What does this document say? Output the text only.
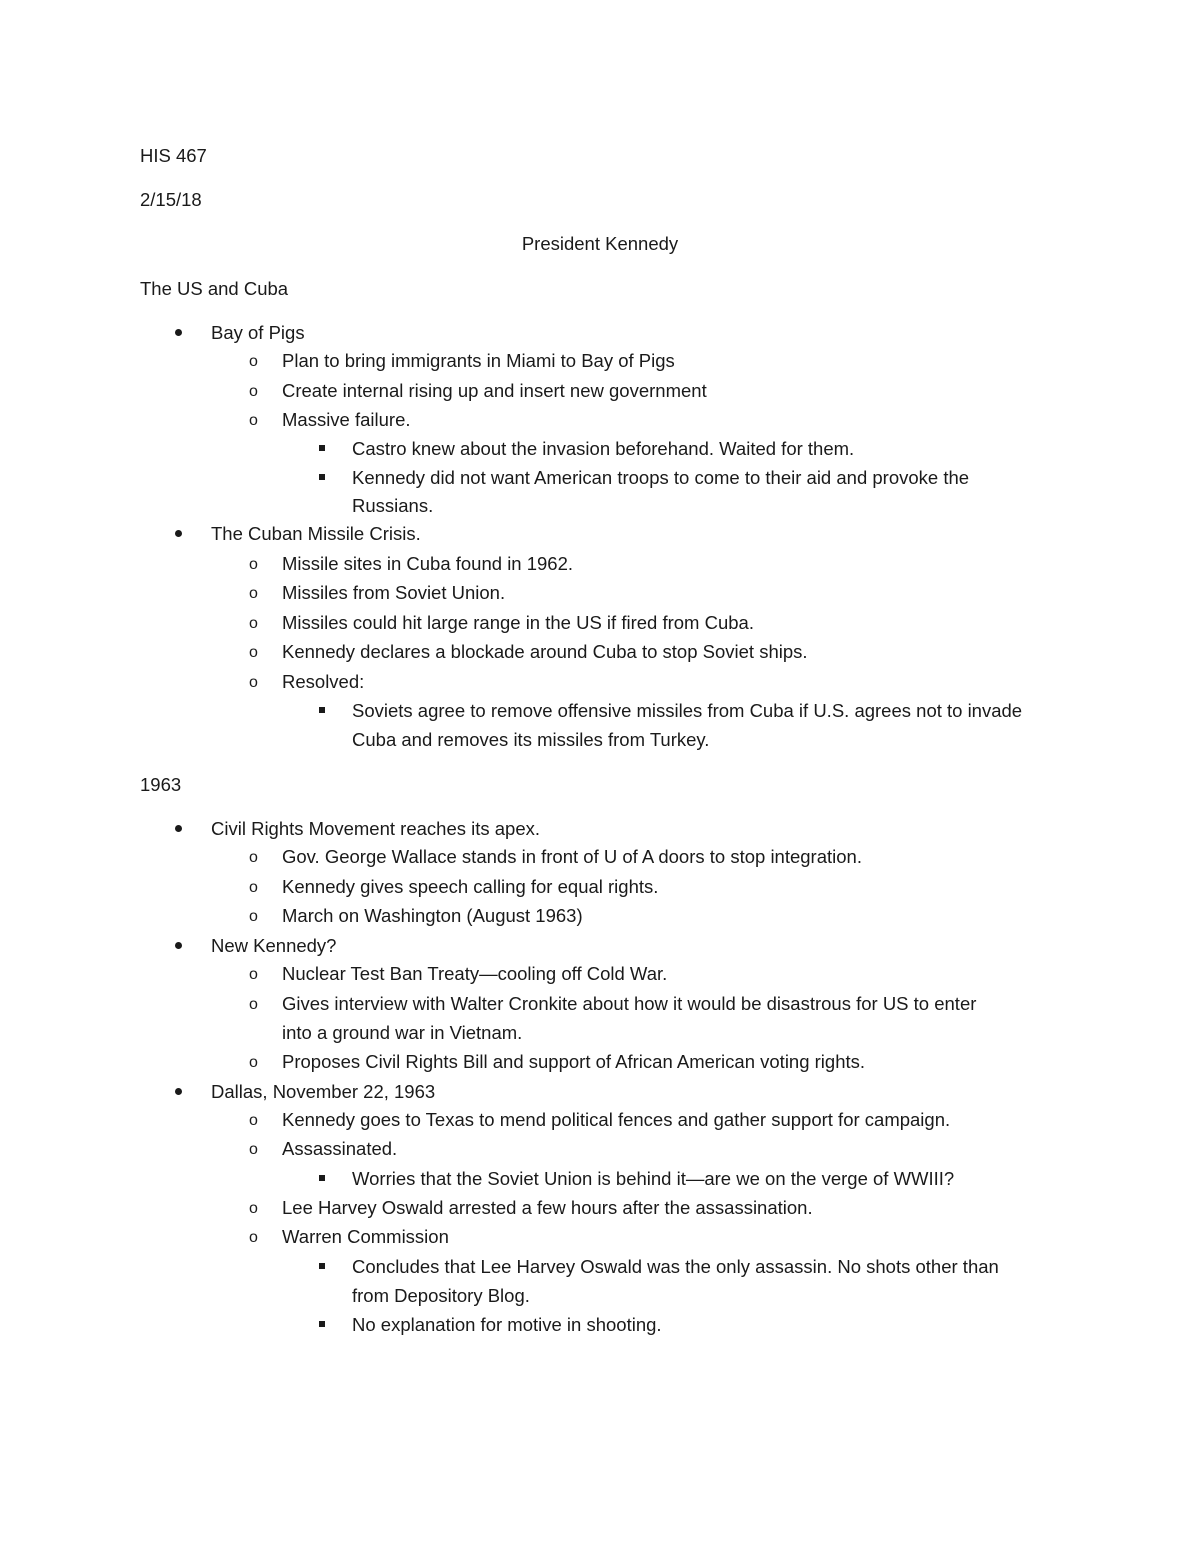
HIS 467
2/15/18
President Kennedy
The US and Cuba
Bay of Pigs
o Plan to bring immigrants in Miami to Bay of Pigs
o Create internal rising up and insert new government
o Massive failure.
Castro knew about the invasion beforehand. Waited for them.
Kennedy did not want American troops to come to their aid and provoke the
Russians.
The Cuban Missile Crisis.
o Missile sites in Cuba found in 1962.
o Missiles from Soviet Union.
o Missiles could hit large range in the US if fired from Cuba.
o Kennedy declares a blockade around Cuba to stop Soviet ships.
o Resolved:
Soviets agree to remove offensive missiles from Cuba if U.S. agrees not to invade
Cuba and removes its missiles from Turkey.
1963
Civil Rights Movement reaches its apex.
o Gov. George Wallace stands in front of U of A doors to stop integration.
o Kennedy gives speech calling for equal rights.
o March on Washington (August 1963)
New Kennedy?
o Nuclear Test Ban Treaty—cooling off Cold War.
o Gives interview with Walter Cronkite about how it would be disastrous for US to enter
into a ground war in Vietnam.
o Proposes Civil Rights Bill and support of African American voting rights.
Dallas, November 22, 1963
o Kennedy goes to Texas to mend political fences and gather support for campaign.
o Assassinated.
Worries that the Soviet Union is behind it—are we on the verge of WWIII?
o Lee Harvey Oswald arrested a few hours after the assassination.
o Warren Commission
Concludes that Lee Harvey Oswald was the only assassin. No shots other than
from Depository Blog.
No explanation for motive in shooting.
